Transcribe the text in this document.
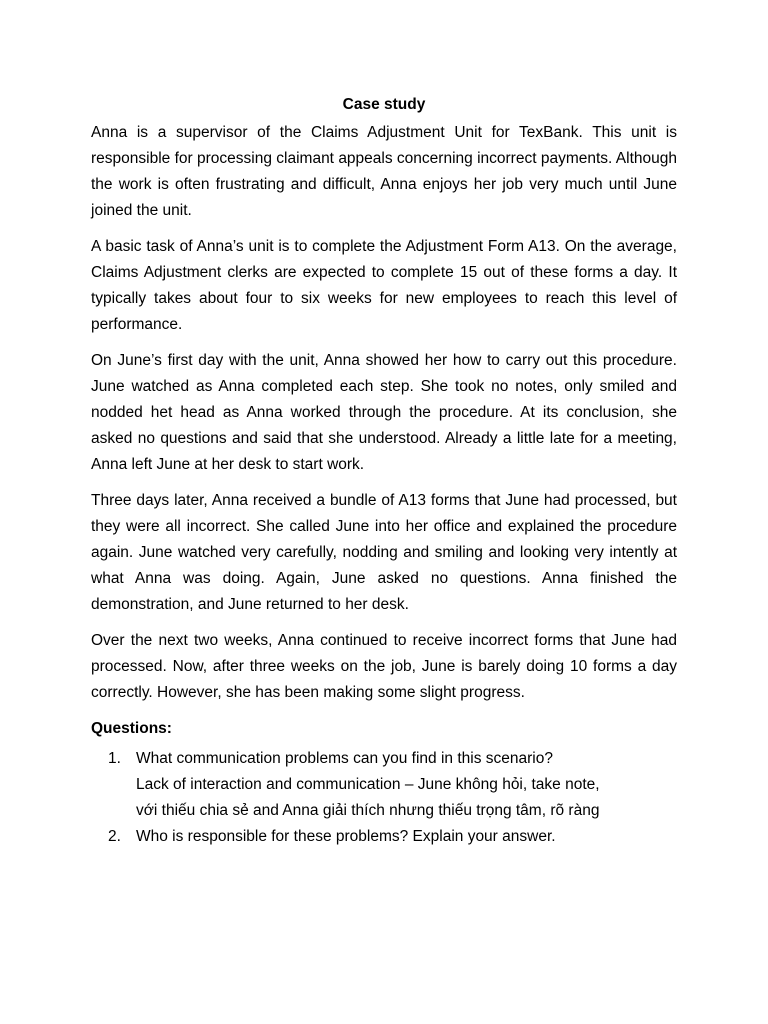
Case study

Anna is a supervisor of the Claims Adjustment Unit for TexBank. This unit is responsible for processing claimant appeals concerning incorrect payments. Although the work is often frustrating and difficult, Anna enjoys her job very much until June joined the unit.

A basic task of Anna’s unit is to complete the Adjustment Form A13. On the average, Claims Adjustment clerks are expected to complete 15 out of these forms a day. It typically takes about four to six weeks for new employees to reach this level of performance.

On June’s first day with the unit, Anna showed her how to carry out this procedure. June watched as Anna completed each step. She took no notes, only smiled and nodded het head as Anna worked through the procedure. At its conclusion, she asked no questions and said that she understood. Already a little late for a meeting, Anna left June at her desk to start work.

Three days later, Anna received a bundle of A13 forms that June had processed, but they were all incorrect. She called June into her office and explained the procedure again. June watched very carefully, nodding and smiling and looking very intently at what Anna was doing. Again, June asked no questions. Anna finished the demonstration, and June returned to her desk.

Over the next two weeks, Anna continued to receive incorrect forms that June had processed. Now, after three weeks on the job, June is barely doing 10 forms a day correctly. However, she has been making some slight progress.

Questions:
1. What communication problems can you find in this scenario?
Lack of interaction and communication – June không hỏi, take note,
với thiếu chia sẻ and Anna giải thích nhưng thiếu trọng tâm, rõ ràng
2. Who is responsible for these problems? Explain your answer.
